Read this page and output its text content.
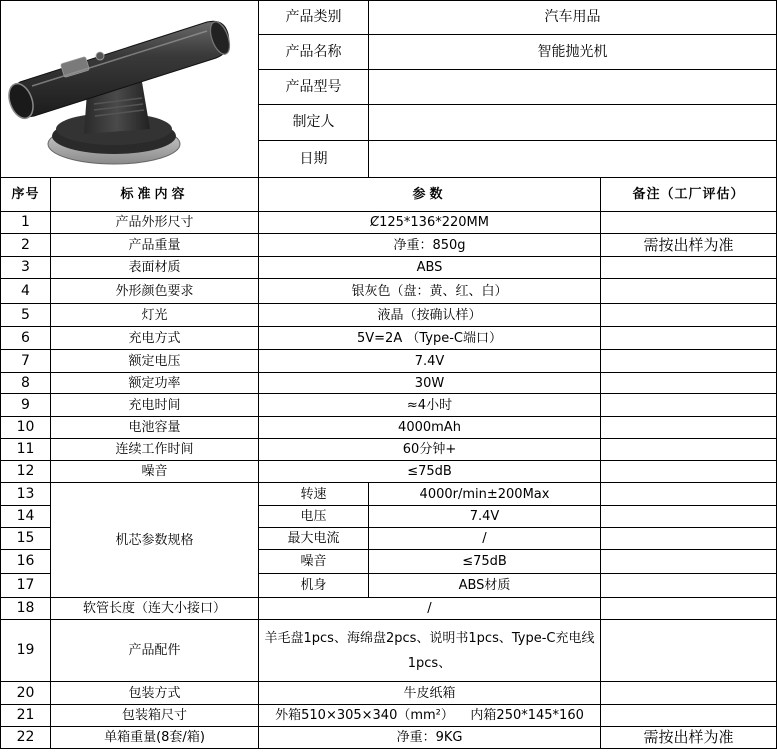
	产品类别	汽车用品	
		产品名称	智能抛光机	
		产品型号		
		制定人		
		日期		
序号	标准内容	参数		备注（工厂评估）
1	产品外形尺寸	Ȼ125*136*220MM		
2	产品重量	净重：850g		需按出样为准
3	表面材质	ABS		
4	外形颜色要求	银灰色（盘：黄、红、白）		
5	灯光	液晶（按确认样）		
6	充电方式	5V=2A （Type-C端口）		
7	额定电压	7.4V		
8	额定功率	30W		
9	充电时间	≈4小时		
10	电池容量	4000mAh		
11	连续工作时间	60分钟+		
12	噪音	≤75dB		
13	机芯参数规格	转速	4000r/min±200Max	
14		电压	7.4V	
15		最大电流	/	
16		噪音	≤75dB	
17		机身	ABS材质	
18	软管长度（连大小接口）	/		
19	产品配件	羊毛盘1pcs、海绵盘2pcs、说明书1pcs、Type-C充电线1pcs、		
20	包装方式	牛皮纸箱		
21	包装箱尺寸	外箱510×305×340（mm²）    内箱250*145*160		
22	单箱重量(8套/箱)	净重：9KG		需按出样为准
